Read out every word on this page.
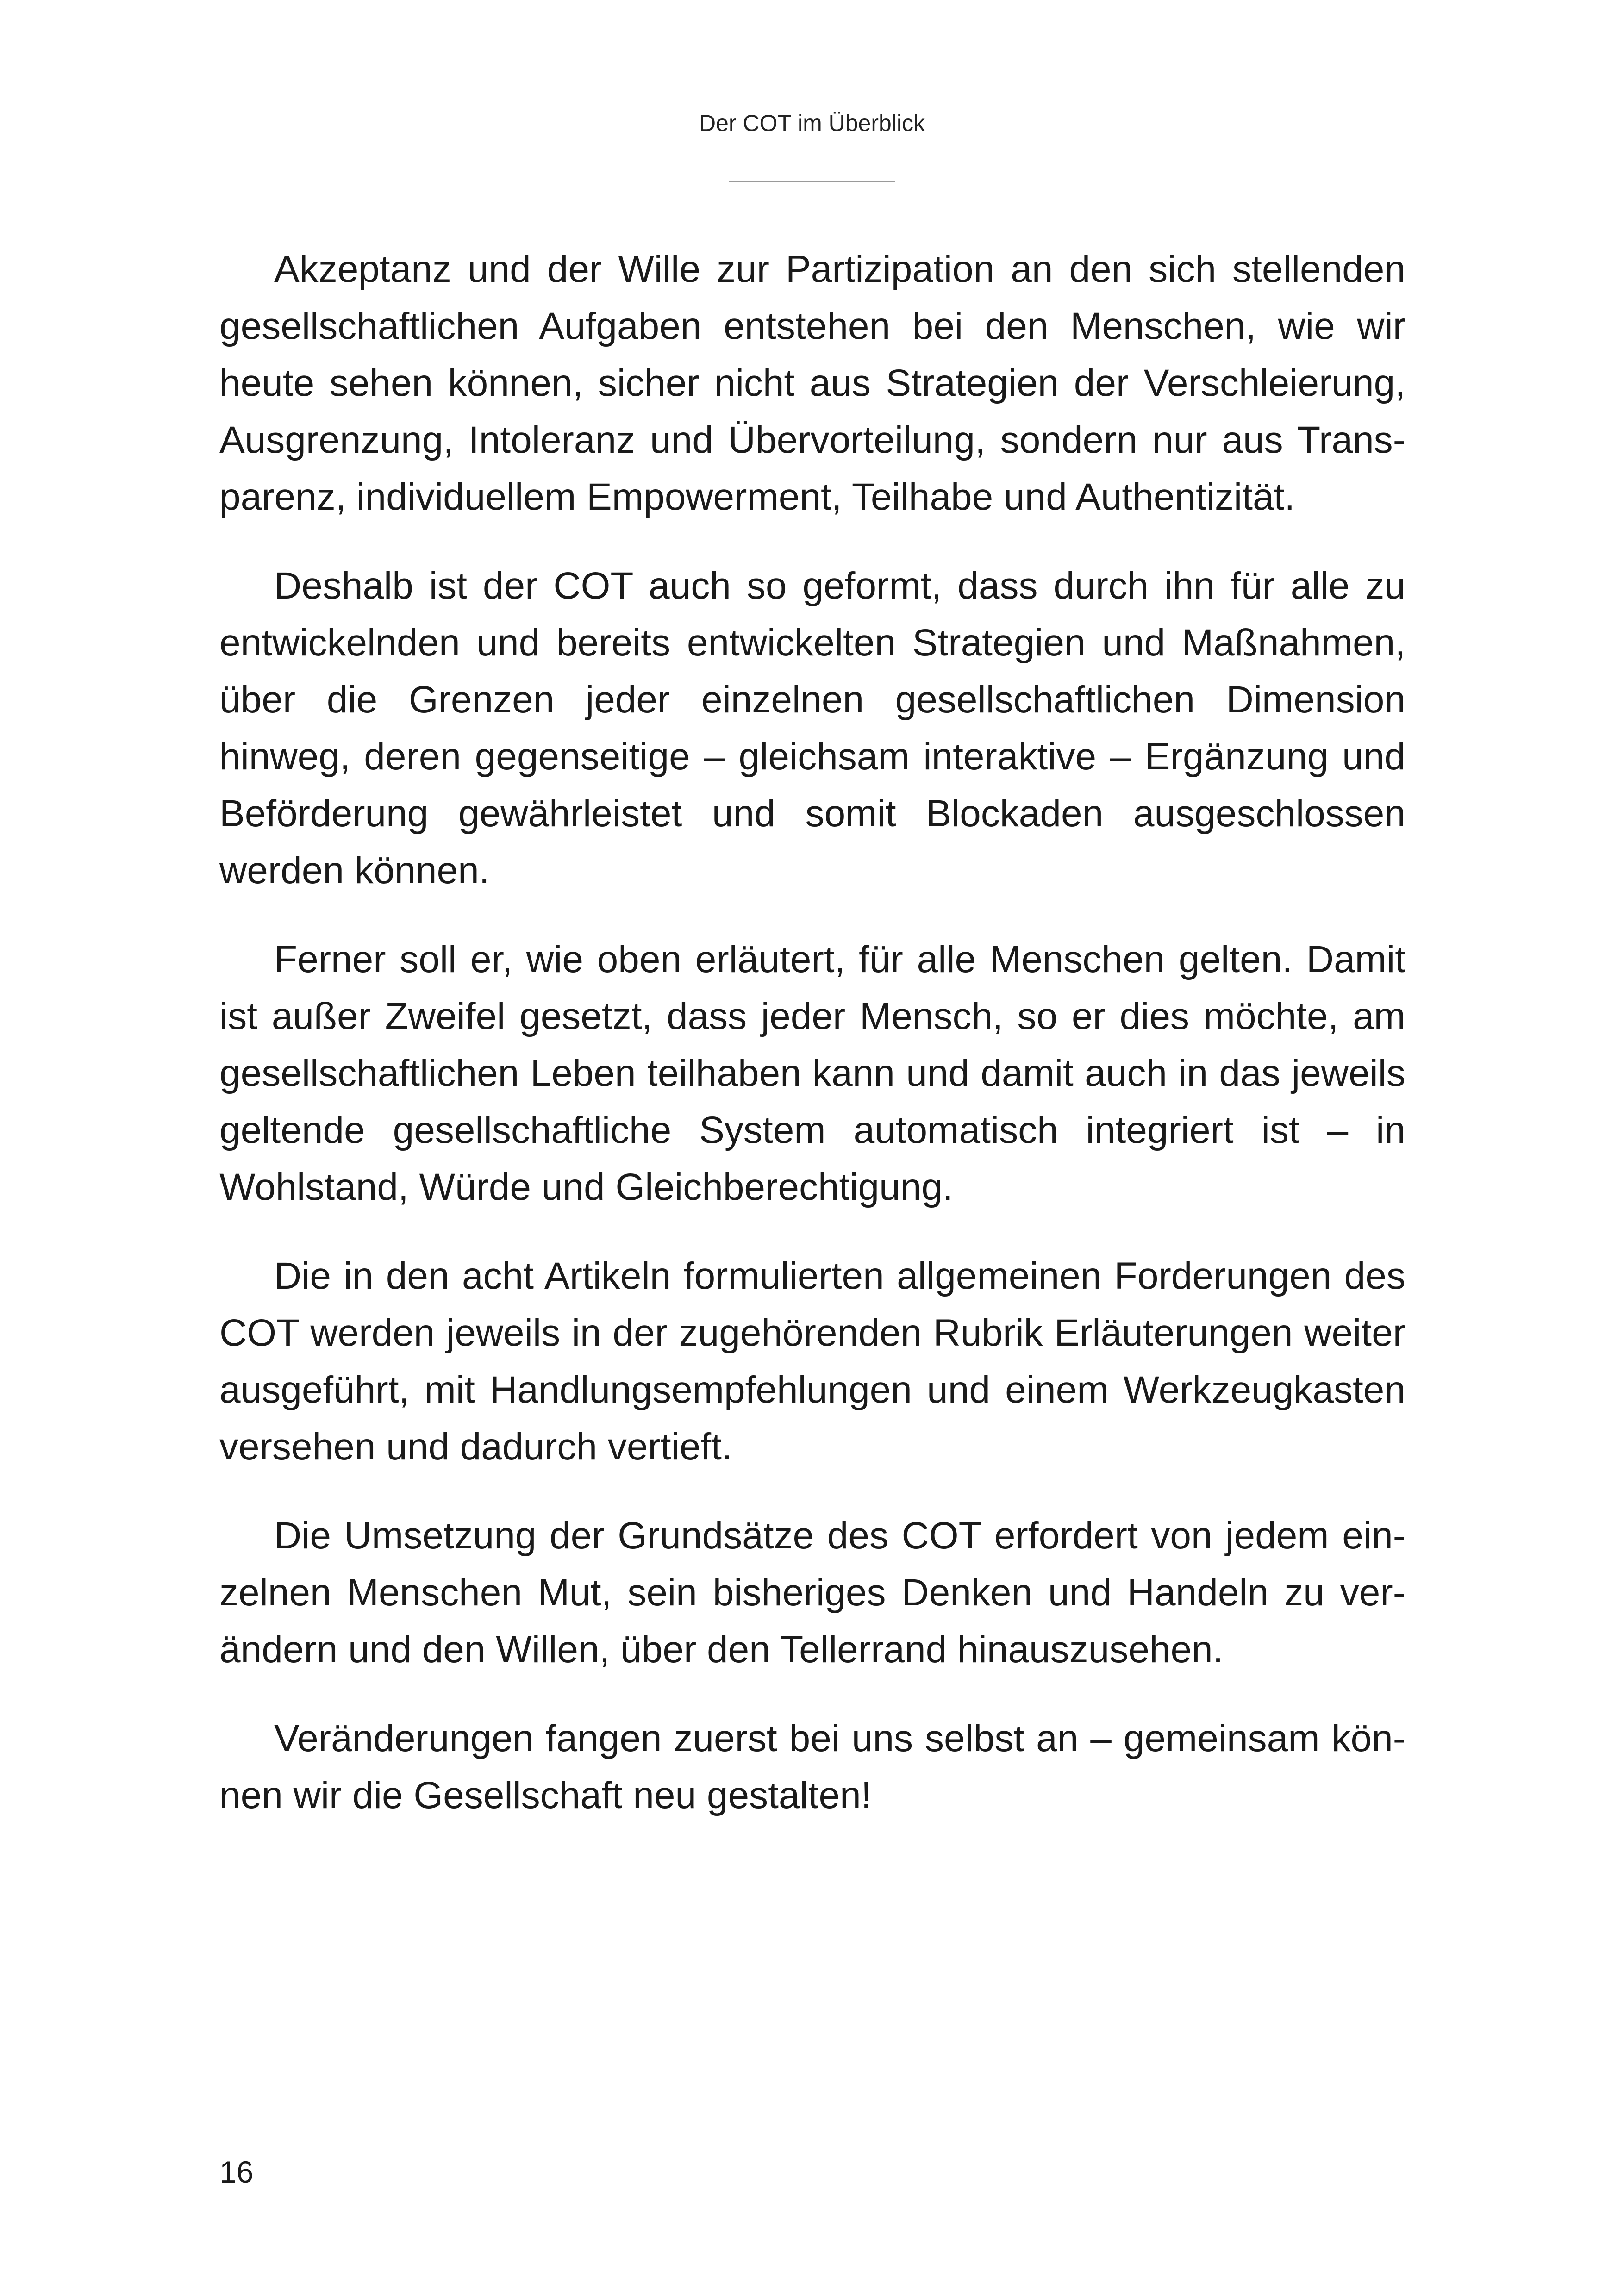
Der COT im Überblick

Akzeptanz und der Wille zur Partizipation an den sich stellenden gesellschaftlichen Aufgaben entstehen bei den Menschen, wie wir heute sehen können, sicher nicht aus Strategien der Verschleierung, Ausgrenzung, Intoleranz und Übervorteilung, sondern nur aus Transparenz, individuellem Empowerment, Teilhabe und Authentizität.

Deshalb ist der COT auch so geformt, dass durch ihn für alle zu entwickelnden und bereits entwickelten Strategien und Maßnahmen, über die Grenzen jeder einzelnen gesellschaftlichen Dimension hinweg, deren gegenseitige – gleichsam interaktive – Ergänzung und Beförderung gewährleistet und somit Blockaden ausgeschlossen werden können.

Ferner soll er, wie oben erläutert, für alle Menschen gelten. Damit ist außer Zweifel gesetzt, dass jeder Mensch, so er dies möchte, am gesellschaftlichen Leben teilhaben kann und damit auch in das jeweils geltende gesellschaftliche System automatisch integriert ist – in Wohlstand, Würde und Gleichberechtigung.

Die in den acht Artikeln formulierten allgemeinen Forderungen des COT werden jeweils in der zugehörenden Rubrik Erläuterungen weiter ausgeführt, mit Handlungsempfehlungen und einem Werkzeugkasten versehen und dadurch vertieft.

Die Umsetzung der Grundsätze des COT erfordert von jedem einzelnen Menschen Mut, sein bisheriges Denken und Handeln zu verändern und den Willen, über den Tellerrand hinauszusehen.

Veränderungen fangen zuerst bei uns selbst an – gemeinsam können wir die Gesellschaft neu gestalten!

16
